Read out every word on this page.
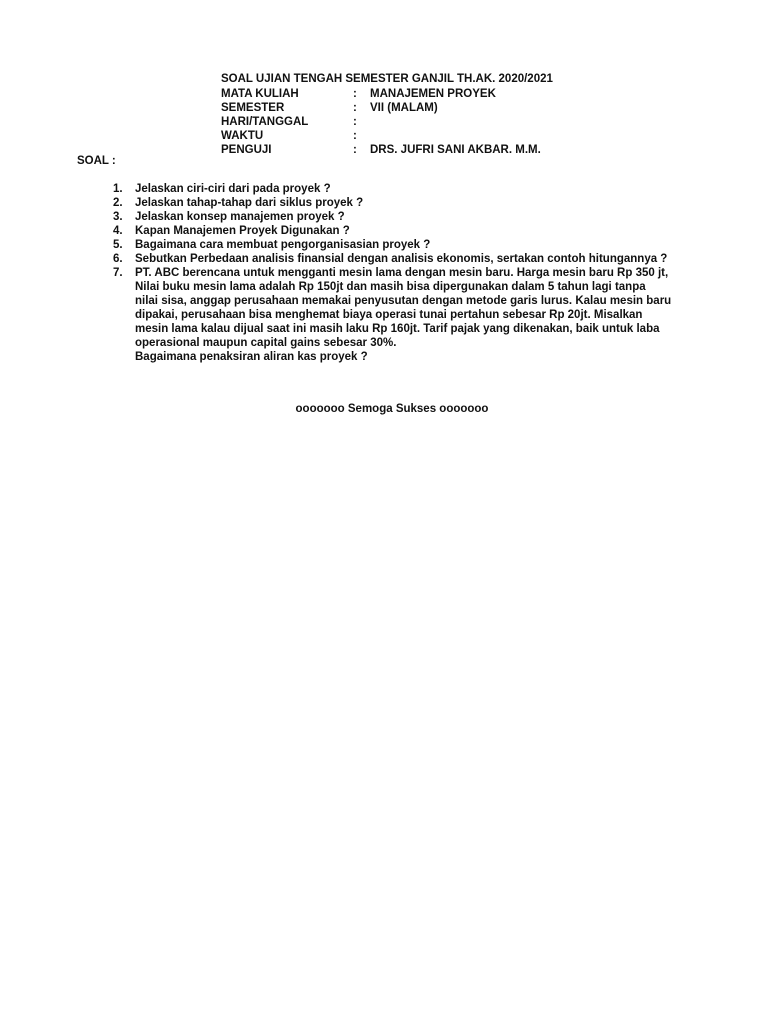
SOAL UJIAN TENGAH SEMESTER GANJIL TH.AK. 2020/2021
MATA KULIAH	: MANAJEMEN PROYEK
SEMESTER	: VII (MALAM)
HARI/TANGGAL	:
WAKTU	:
PENGUJI	: DRS. JUFRI SANI AKBAR. M.M.
SOAL :
1. Jelaskan ciri-ciri dari pada proyek ?
2. Jelaskan tahap-tahap dari siklus proyek ?
3. Jelaskan konsep manajemen proyek ?
4. Kapan Manajemen Proyek Digunakan ?
5. Bagaimana cara membuat pengorganisasian proyek ?
6. Sebutkan Perbedaan analisis finansial dengan analisis ekonomis, sertakan contoh hitungannya ?
7. PT. ABC berencana untuk mengganti mesin lama dengan mesin baru. Harga mesin baru Rp 350 jt,
Nilai buku mesin lama adalah Rp 150jt dan masih bisa dipergunakan dalam 5 tahun lagi tanpa
nilai sisa, anggap perusahaan memakai penyusutan dengan metode garis lurus. Kalau mesin baru
dipakai, perusahaan bisa menghemat biaya operasi tunai pertahun sebesar Rp 20jt. Misalkan
mesin lama kalau dijual saat ini masih laku Rp 160jt. Tarif pajak yang dikenakan, baik untuk laba
operasional maupun capital gains sebesar 30%.
Bagaimana penaksiran aliran kas proyek ?
ooooooo Semoga Sukses ooooooo
